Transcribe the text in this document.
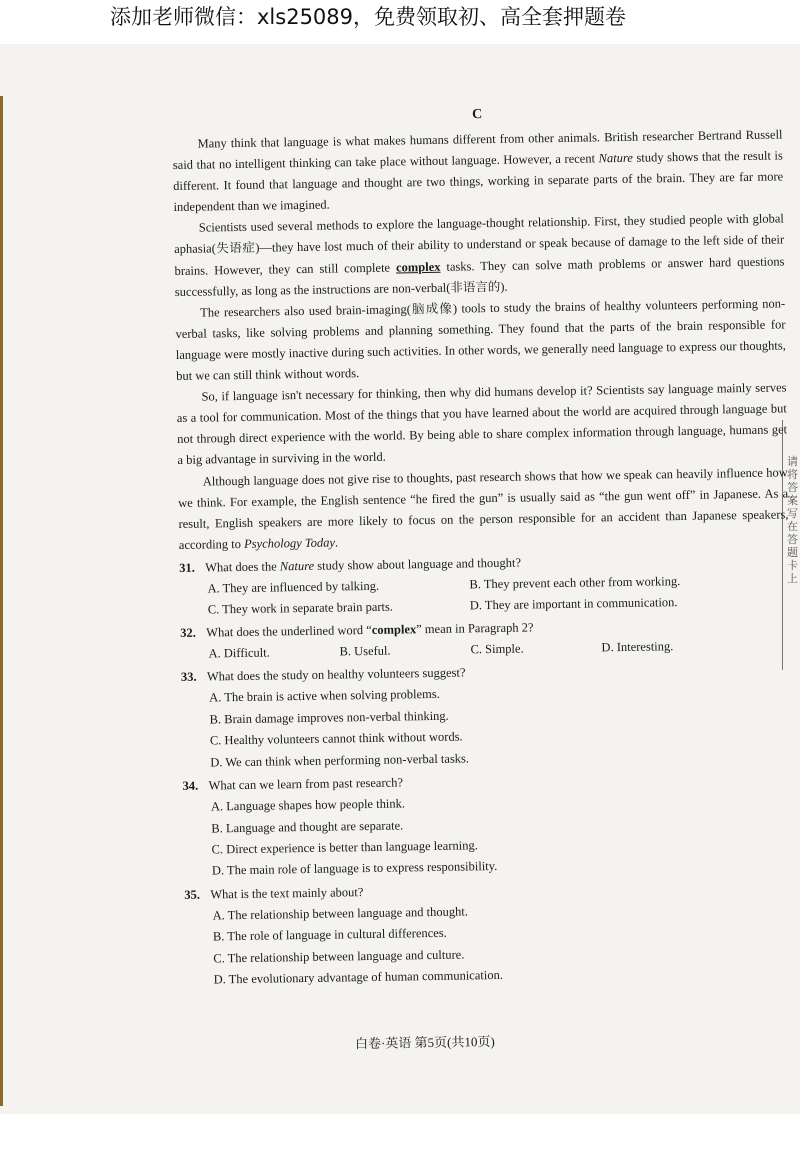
添加老师微信：xls25089，免费领取初、高全套押题卷
请将答案写在答题卡上
C

Many think that language is what makes humans different from other animals. British researcher Bertrand Russell said that no intelligent thinking can take place without language. However, a recent Nature study shows that the result is different. It found that language and thought are two things, working in separate parts of the brain. They are far more independent than we imagined.

Scientists used several methods to explore the language-thought relationship. First, they studied people with global aphasia(失语症)—they have lost much of their ability to understand or speak because of damage to the left side of their brains. However, they can still complete complex tasks. They can solve math problems or answer hard questions successfully, as long as the instructions are non-verbal(非语言的).

The researchers also used brain-imaging(脑成像) tools to study the brains of healthy volunteers performing non-verbal tasks, like solving problems and planning something. They found that the parts of the brain responsible for language were mostly inactive during such activities. In other words, we generally need language to express our thoughts, but we can still think without words.

So, if language isn't necessary for thinking, then why did humans develop it? Scientists say language mainly serves as a tool for communication. Most of the things that you have learned about the world are acquired through language but not through direct experience with the world. By being able to share complex information through language, humans get a big advantage in surviving in the world.

Although language does not give rise to thoughts, past research shows that how we speak can heavily influence how we think. For example, the English sentence “he fired the gun” is usually said as “the gun went off” in Japanese. As a result, English speakers are more likely to focus on the person responsible for an accident than Japanese speakers, according to Psychology Today.

31. What does the Nature study show about language and thought?
A. They are influenced by talking.	B. They prevent each other from working.
C. They work in separate brain parts.	D. They are important in communication.
32. What does the underlined word “complex” mean in Paragraph 2?
A. Difficult.	B. Useful.	C. Simple.	D. Interesting.
33. What does the study on healthy volunteers suggest?
A. The brain is active when solving problems.
B. Brain damage improves non-verbal thinking.
C. Healthy volunteers cannot think without words.
D. We can think when performing non-verbal tasks.
34. What can we learn from past research?
A. Language shapes how people think.
B. Language and thought are separate.
C. Direct experience is better than language learning.
D. The main role of language is to express responsibility.
35. What is the text mainly about?
A. The relationship between language and thought.
B. The role of language in cultural differences.
C. The relationship between language and culture.
D. The evolutionary advantage of human communication.
白卷·英语 第5页(共10页)
